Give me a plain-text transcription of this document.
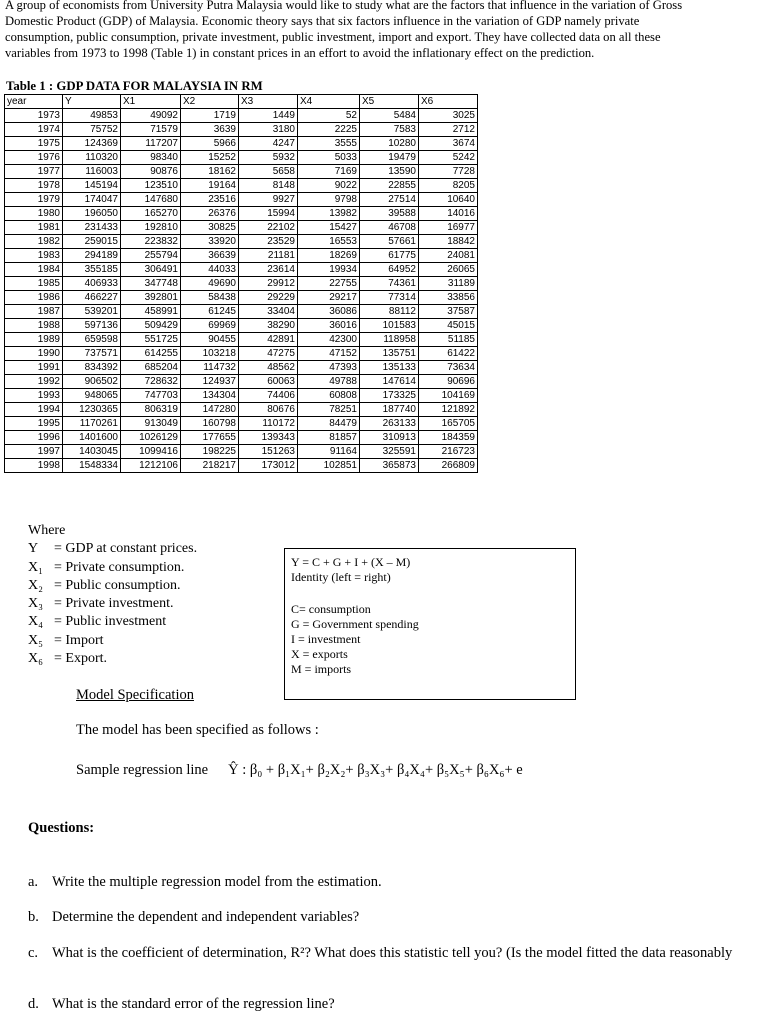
A group of economists from University Putra Malaysia would like to study what are the factors that influence in the variation of Gross

Domestic Product (GDP) of Malaysia. Economic theory says that six factors influence in the variation of GDP namely private

consumption, public consumption, private investment, public investment, import and export. They have collected data on all these

variables from 1973 to 1998 (Table 1) in constant prices in an effort to avoid the inflationary effect on the prediction.

Table 1 : GDP DATA FOR MALAYSIA IN RM
year	Y	X1	X2	X3	X4	X5	X6
1973	49853	49092	1719	1449	52	5484	3025
1974	75752	71579	3639	3180	2225	7583	2712
1975	124369	117207	5966	4247	3555	10280	3674
1976	110320	98340	15252	5932	5033	19479	5242
1977	116003	90876	18162	5658	7169	13590	7728
1978	145194	123510	19164	8148	9022	22855	8205
1979	174047	147680	23516	9927	9798	27514	10640
1980	196050	165270	26376	15994	13982	39588	14016
1981	231433	192810	30825	22102	15427	46708	16977
1982	259015	223832	33920	23529	16553	57661	18842
1983	294189	255794	36639	21181	18269	61775	24081
1984	355185	306491	44033	23614	19934	64952	26065
1985	406933	347748	49690	29912	22755	74361	31189
1986	466227	392801	58438	29229	29217	77314	33856
1987	539201	458991	61245	33404	36086	88112	37587
1988	597136	509429	69969	38290	36016	101583	45015
1989	659598	551725	90455	42891	42300	118958	51185
1990	737571	614255	103218	47275	47152	135751	61422
1991	834392	685204	114732	48562	47393	135133	73634
1992	906502	728632	124937	60063	49788	147614	90696
1993	948065	747703	134304	74406	60808	173325	104169
1994	1230365	806319	147280	80676	78251	187740	121892
1995	1170261	913049	160798	110172	84479	263133	165705
1996	1401600	1026129	177655	139343	81857	310913	184359
1997	1403045	1099416	198225	151263	91164	325591	216723
1998	1548334	1212106	218217	173012	102851	365873	266809
Where
Y = GDP at constant prices.
X₁ = Private consumption.
X₂ = Public consumption.
X₃ = Private investment.
X₄ = Public investment
X₅ = Import
X₆ = Export.
Y = C + G + I + (X – M)
Identity (left = right)
C= consumption
G = Government spending
I = investment
X = exports
M = imports
Model Specification
The model has been specified as follows :
Sample regression line Ŷ : β₀ + β₁X₁+ β₂X₂+ β₃X₃+ β₄X₄+ β₅X₅+ β₆X₆+ e
Questions:
a. Write the multiple regression model from the estimation.
b. Determine the dependent and independent variables?
c. What is the coefficient of determination, R²? What does this statistic tell you? (Is the model fitted the data reasonably
d. What is the standard error of the regression line?
